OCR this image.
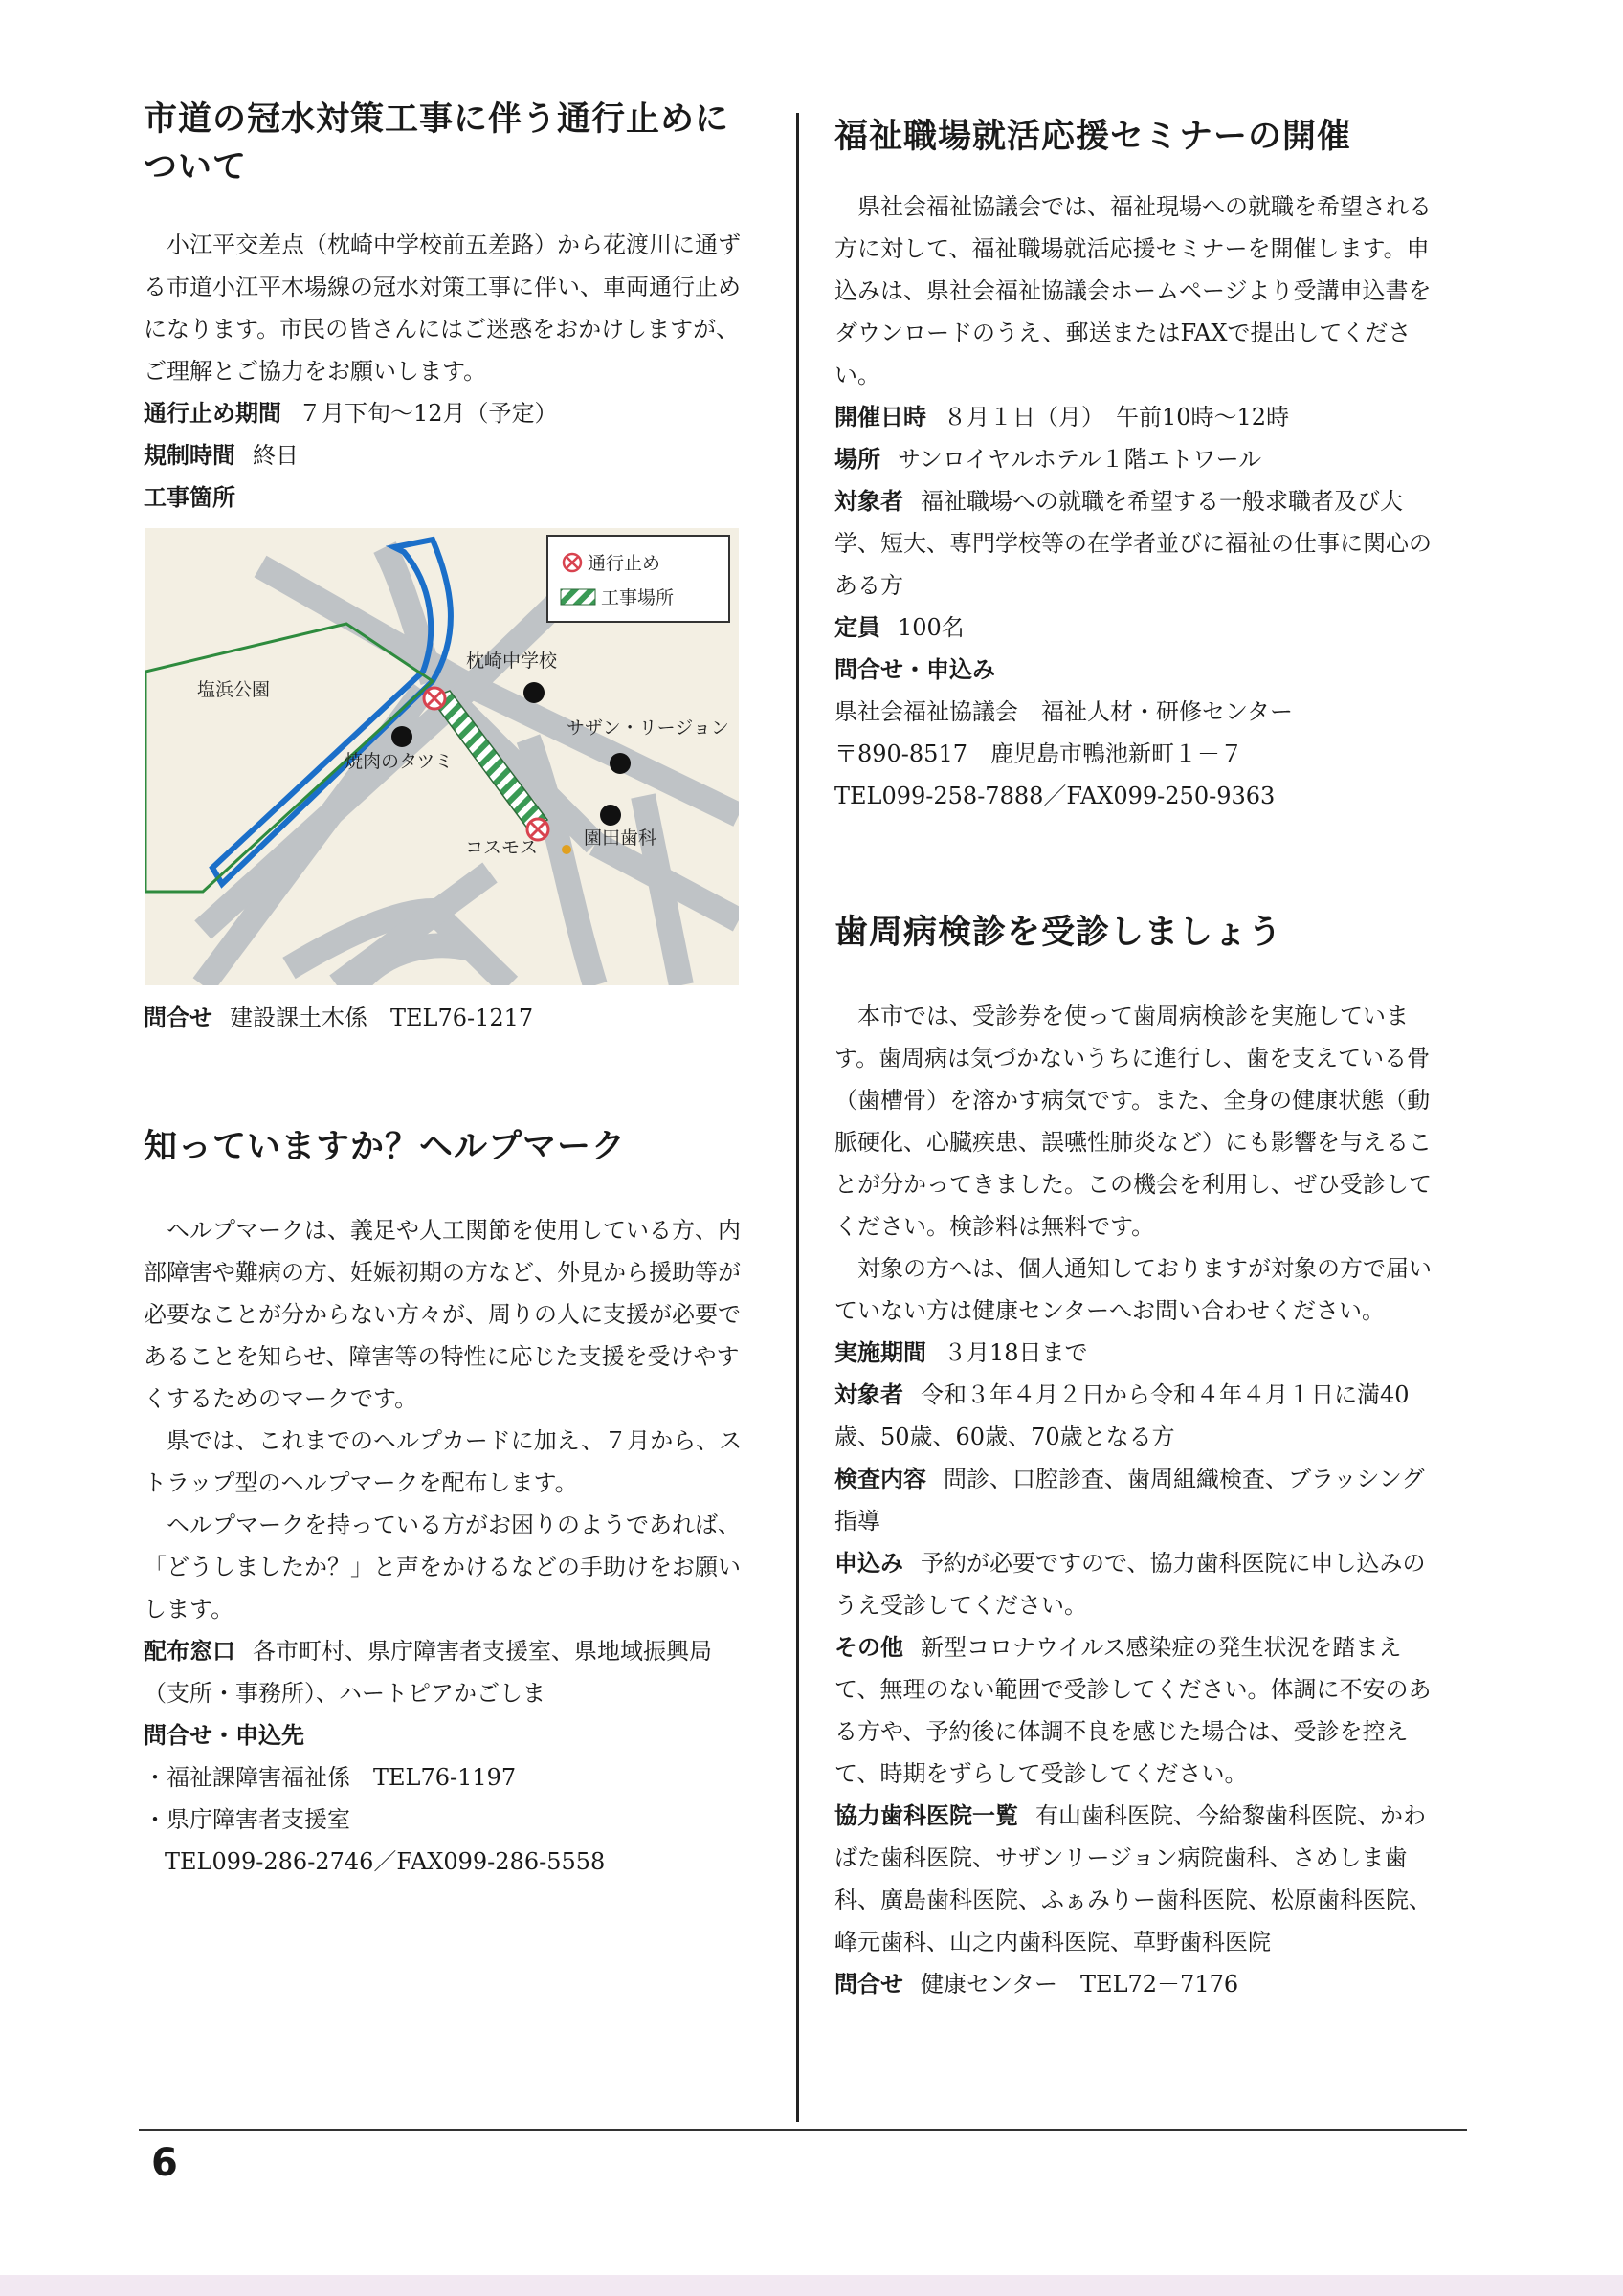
市道の冠水対策工事に伴う通行止めについて

小江平交差点（枕崎中学校前五差路）から花渡川に通ずる市道小江平木場線の冠水対策工事に伴い、車両通行止めになります。市民の皆さんにはご迷惑をおかけしますが、ご理解とご協力をお願いします。

通行止め期間 ７月下旬～12月（予定）
規制時間 終日
工事箇所
塩浜公園
枕崎中学校
サザン・リージョン
焼肉のタツミ
コスモス	園田歯科
通行止め
工事場所
問合せ 建設課土木係　TEL76-1217
知っていますか？ヘルプマーク

ヘルプマークは、義足や人工関節を使用している方、内部障害や難病の方、妊娠初期の方など、外見から援助等が必要なことが分からない方々が、周りの人に支援が必要であることを知らせ、障害等の特性に応じた支援を受けやすくするためのマークです。

県では、これまでのヘルプカードに加え、７月から、ストラップ型のヘルプマークを配布します。

ヘルプマークを持っている方がお困りのようであれば、「どうしましたか？」と声をかけるなどの手助けをお願いします。

配布窓口 各市町村、県庁障害者支援室、県地域振興局（支所・事務所）、ハートピアかごしま
問合せ・申込先
・福祉課障害福祉係　TEL76-1197
・県庁障害者支援室
TEL099-286-2746／FAX099-286-5558
福祉職場就活応援セミナーの開催

県社会福祉協議会では、福祉現場への就職を希望される方に対して、福祉職場就活応援セミナーを開催します。申込みは、県社会福祉協議会ホームページより受講申込書をダウンロードのうえ、郵送またはFAXで提出してください。

開催日時 ８月１日（月）　午前10時～12時
場所 サンロイヤルホテル１階エトワール
対象者 福祉職場への就職を希望する一般求職者及び大学、短大、専門学校等の在学者並びに福祉の仕事に関心のある方
定員 100名
問合せ・申込み
県社会福祉協議会　福祉人材・研修センター
〒890-8517　鹿児島市鴨池新町１－７
TEL099-258-7888／FAX099-250-9363
歯周病検診を受診しましょう

本市では、受診券を使って歯周病検診を実施しています。歯周病は気づかないうちに進行し、歯を支えている骨（歯槽骨）を溶かす病気です。また、全身の健康状態（動脈硬化、心臓疾患、誤嚥性肺炎など）にも影響を与えることが分かってきました。この機会を利用し、ぜひ受診してください。検診料は無料です。

対象の方へは、個人通知しておりますが対象の方で届いていない方は健康センターへお問い合わせください。

実施期間 ３月18日まで
対象者 令和３年４月２日から令和４年４月１日に満40歳、50歳、60歳、70歳となる方
検査内容 問診、口腔診査、歯周組織検査、ブラッシング指導
申込み 予約が必要ですので、協力歯科医院に申し込みのうえ受診してください。
その他 新型コロナウイルス感染症の発生状況を踏まえて、無理のない範囲で受診してください。体調に不安のある方や、予約後に体調不良を感じた場合は、受診を控えて、時期をずらして受診してください。
協力歯科医院一覧 有山歯科医院、今給黎歯科医院、かわばた歯科医院、サザンリージョン病院歯科、さめしま歯科、廣島歯科医院、ふぁみりー歯科医院、松原歯科医院、峰元歯科、山之内歯科医院、草野歯科医院
問合せ 健康センター　TEL72－7176
6
